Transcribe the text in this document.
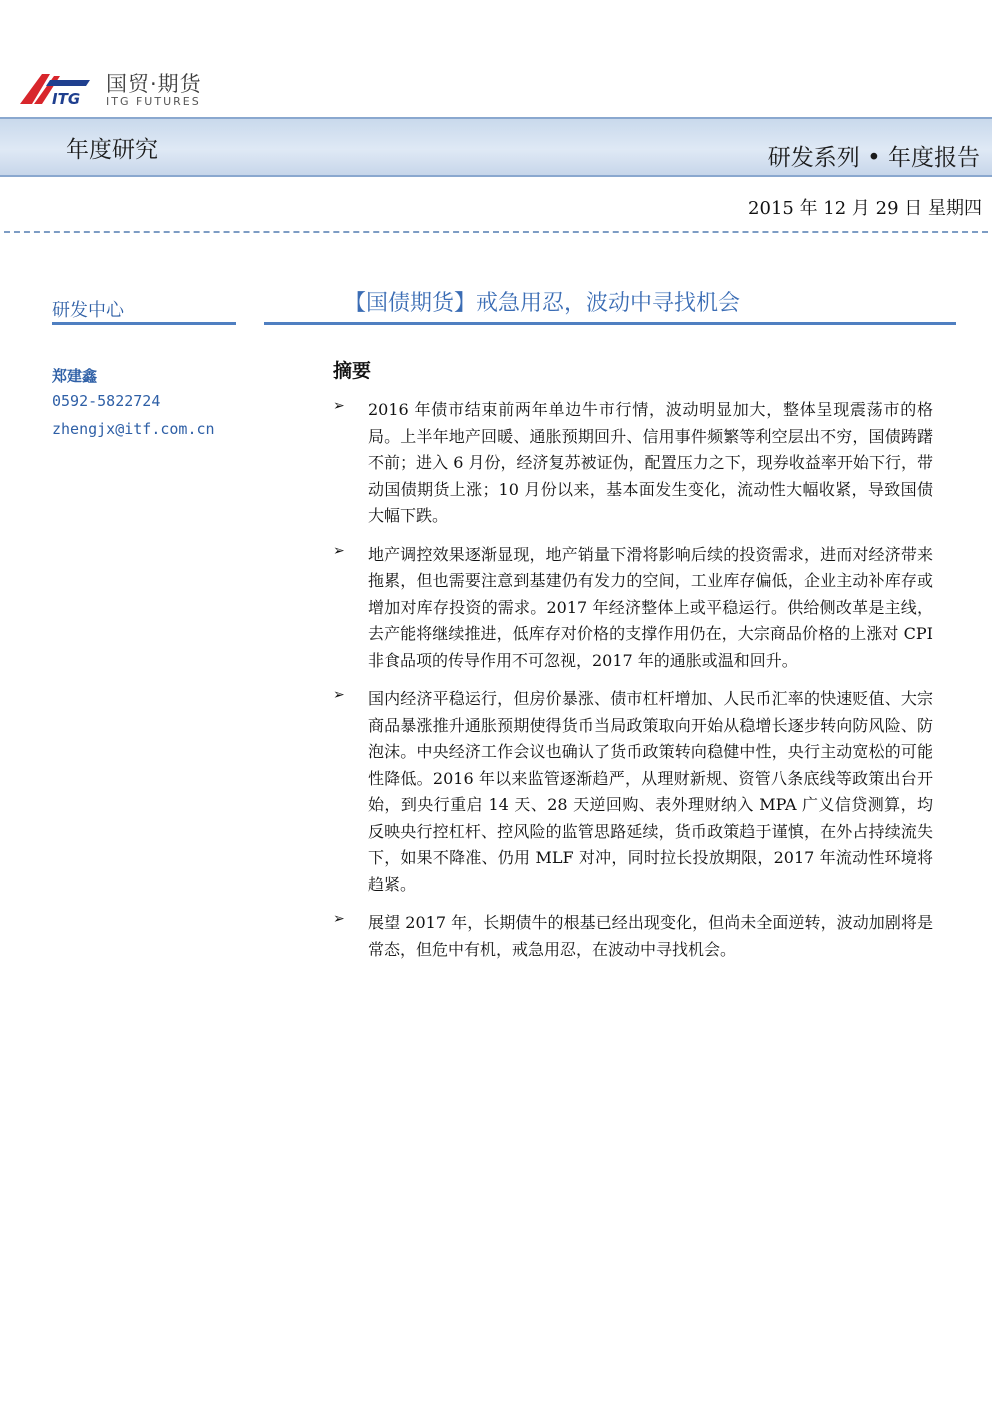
ITG
国贸·期货
ITG FUTURES
年度研究	研发系列 • 年度报告
2015 年 12 月 29 日 星期四
研发中心
郑建鑫
0592-5822724
zhengjx@itf.com.cn
【国债期货】戒急用忍，波动中寻找机会
摘要
➢ 2016 年债市结束前两年单边牛市行情，波动明显加大，整体呈现震荡市的格局。上半年地产回暖、通胀预期回升、信用事件频繁等利空层出不穷，国债踌躇不前；进入 6 月份，经济复苏被证伪，配置压力之下，现券收益率开始下行，带动国债期货上涨；10 月份以来，基本面发生变化，流动性大幅收紧，导致国债大幅下跌。
➢ 地产调控效果逐渐显现，地产销量下滑将影响后续的投资需求，进而对经济带来拖累，但也需要注意到基建仍有发力的空间，工业库存偏低，企业主动补库存或增加对库存投资的需求。2017 年经济整体上或平稳运行。供给侧改革是主线，去产能将继续推进，低库存对价格的支撑作用仍在，大宗商品价格的上涨对 CPI 非食品项的传导作用不可忽视，2017 年的通胀或温和回升。
➢ 国内经济平稳运行，但房价暴涨、债市杠杆增加、人民币汇率的快速贬值、大宗商品暴涨推升通胀预期使得货币当局政策取向开始从稳增长逐步转向防风险、防泡沫。中央经济工作会议也确认了货币政策转向稳健中性，央行主动宽松的可能性降低。2016 年以来监管逐渐趋严，从理财新规、资管八条底线等政策出台开始，到央行重启 14 天、28 天逆回购、表外理财纳入 MPA 广义信贷测算，均反映央行控杠杆、控风险的监管思路延续，货币政策趋于谨慎，在外占持续流失下，如果不降准、仍用 MLF 对冲，同时拉长投放期限，2017 年流动性环境将趋紧。
➢ 展望 2017 年，长期债牛的根基已经出现变化，但尚未全面逆转，波动加剧将是常态，但危中有机，戒急用忍，在波动中寻找机会。
